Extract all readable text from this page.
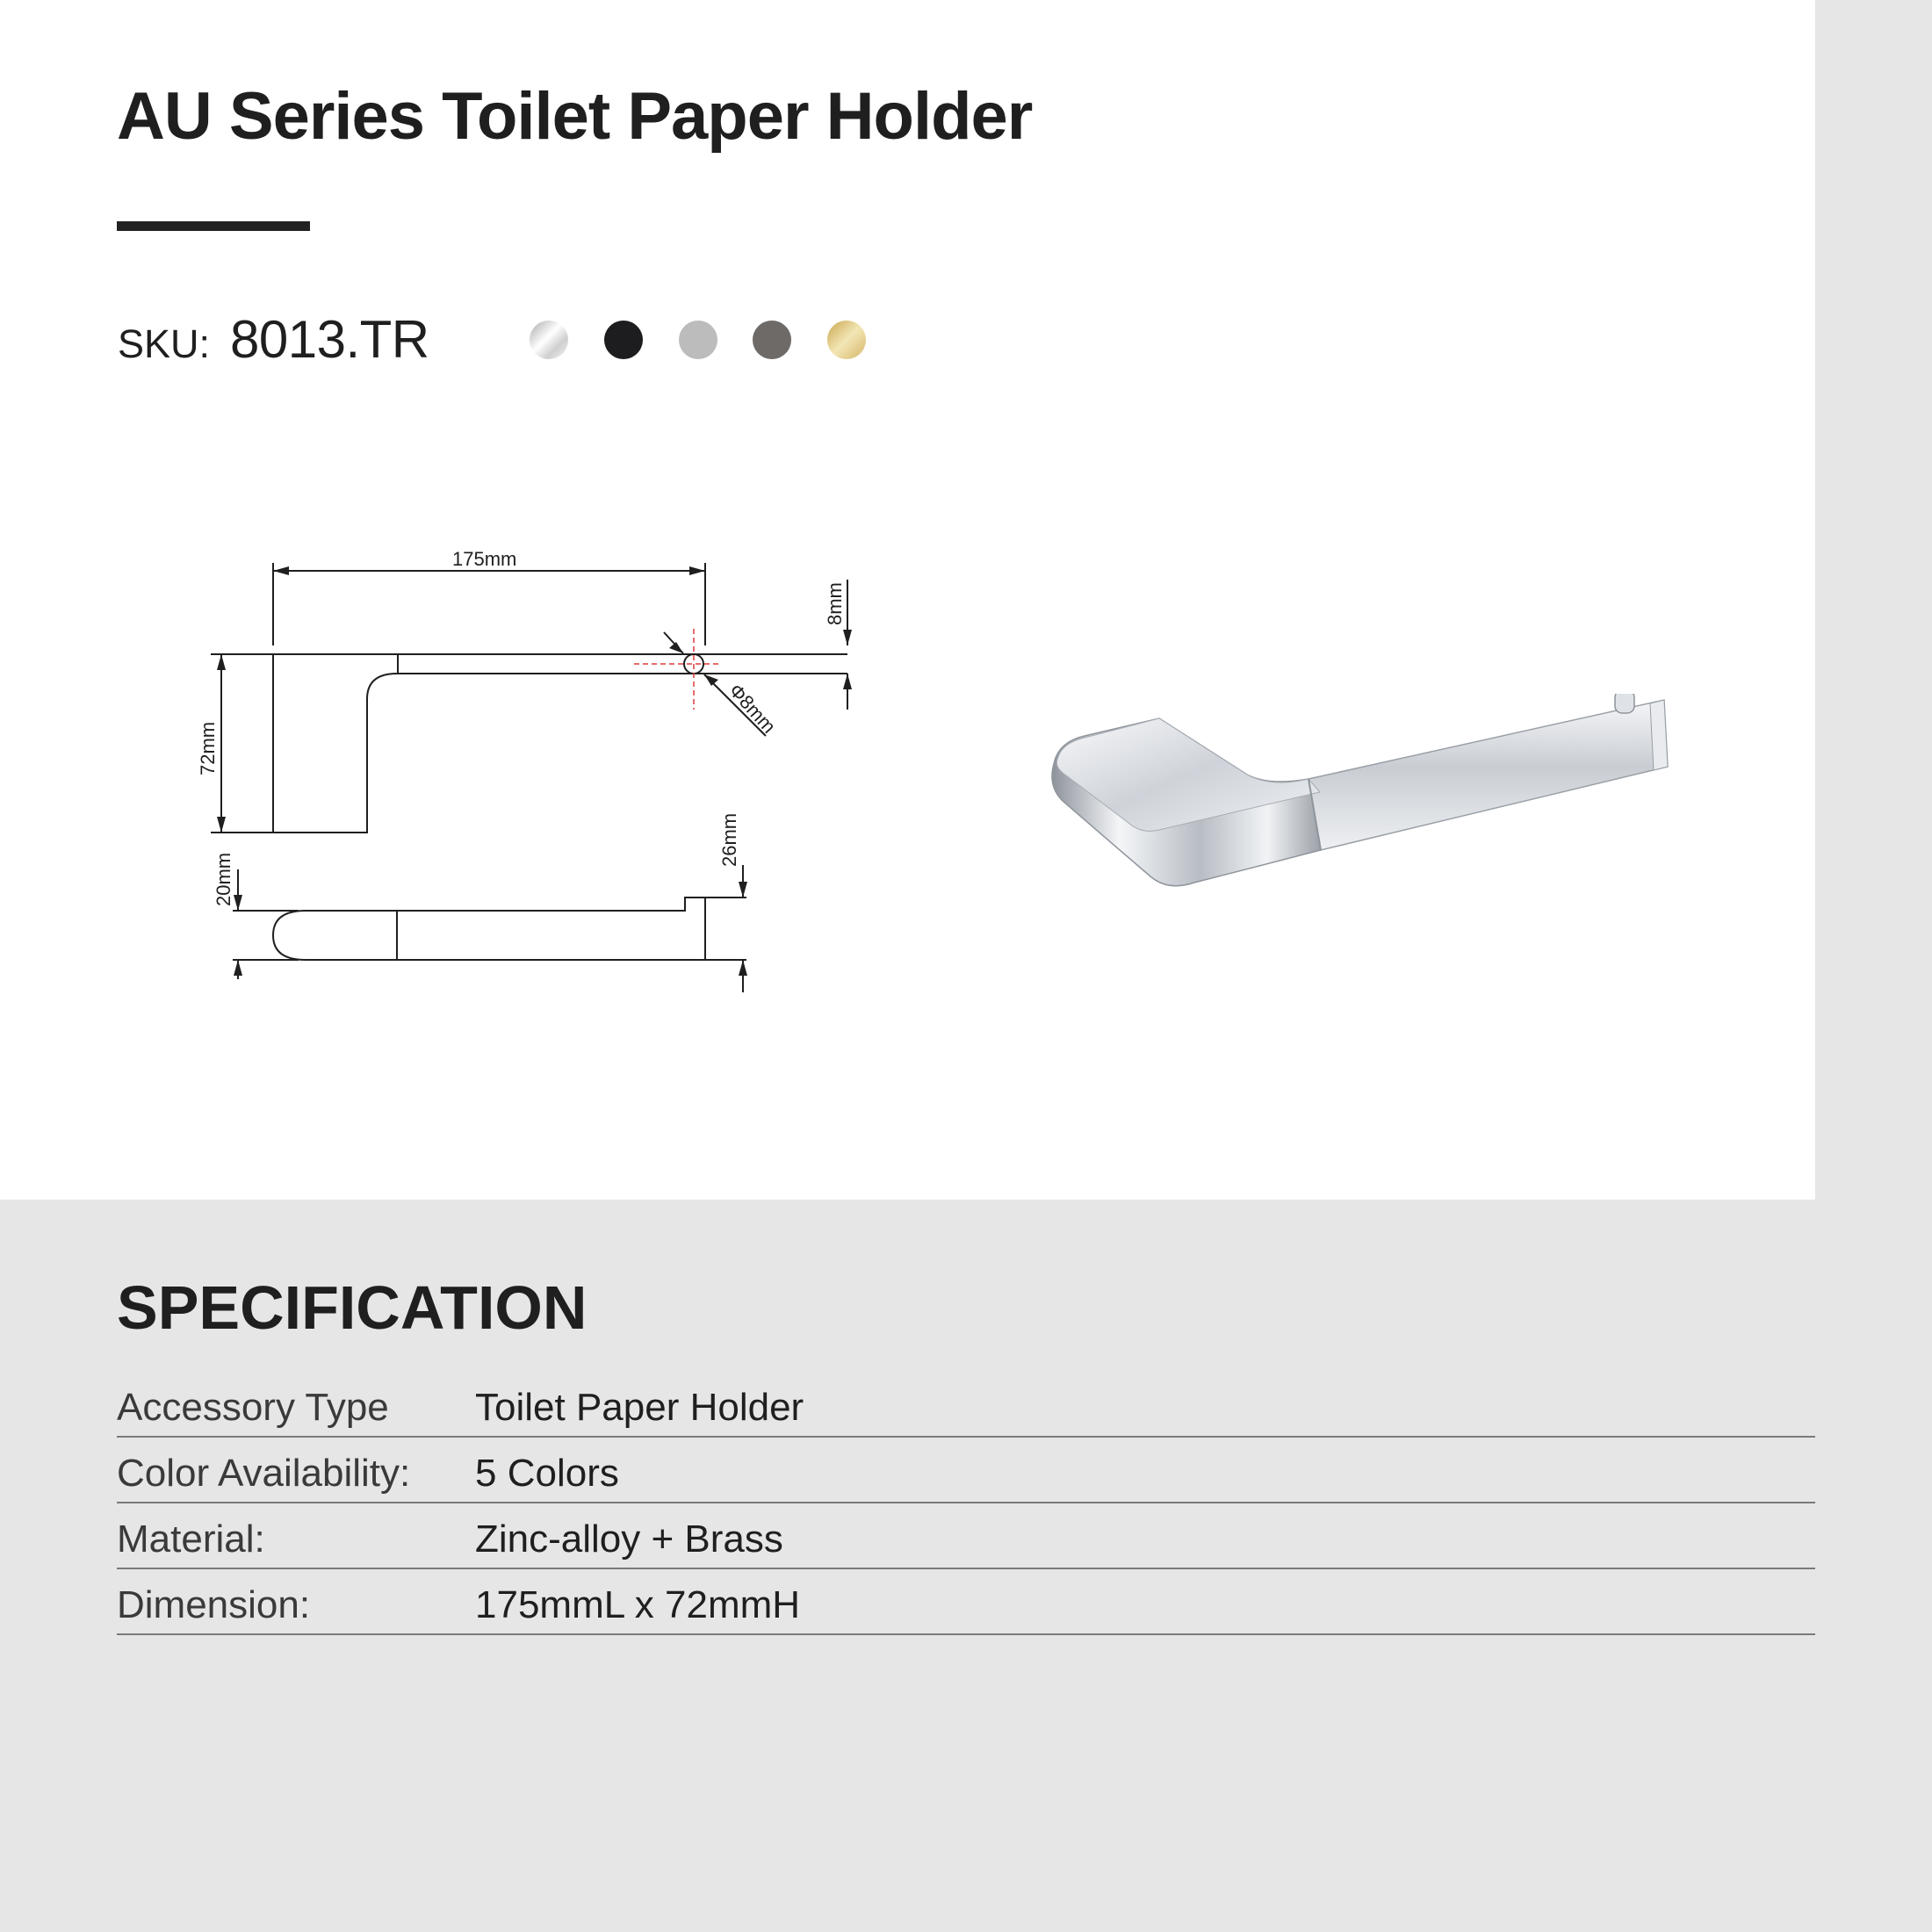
AU Series Toilet Paper Holder
SKU: 8013.TR
175mm
72mm
8mm
Φ8mm
20mm
26mm
SPECIFICATION
Accessory Type Toilet Paper Holder
Color Availability: 5 Colors
Material:	Zinc-alloy + Brass
Dimension:	175mmL x 72mmH
